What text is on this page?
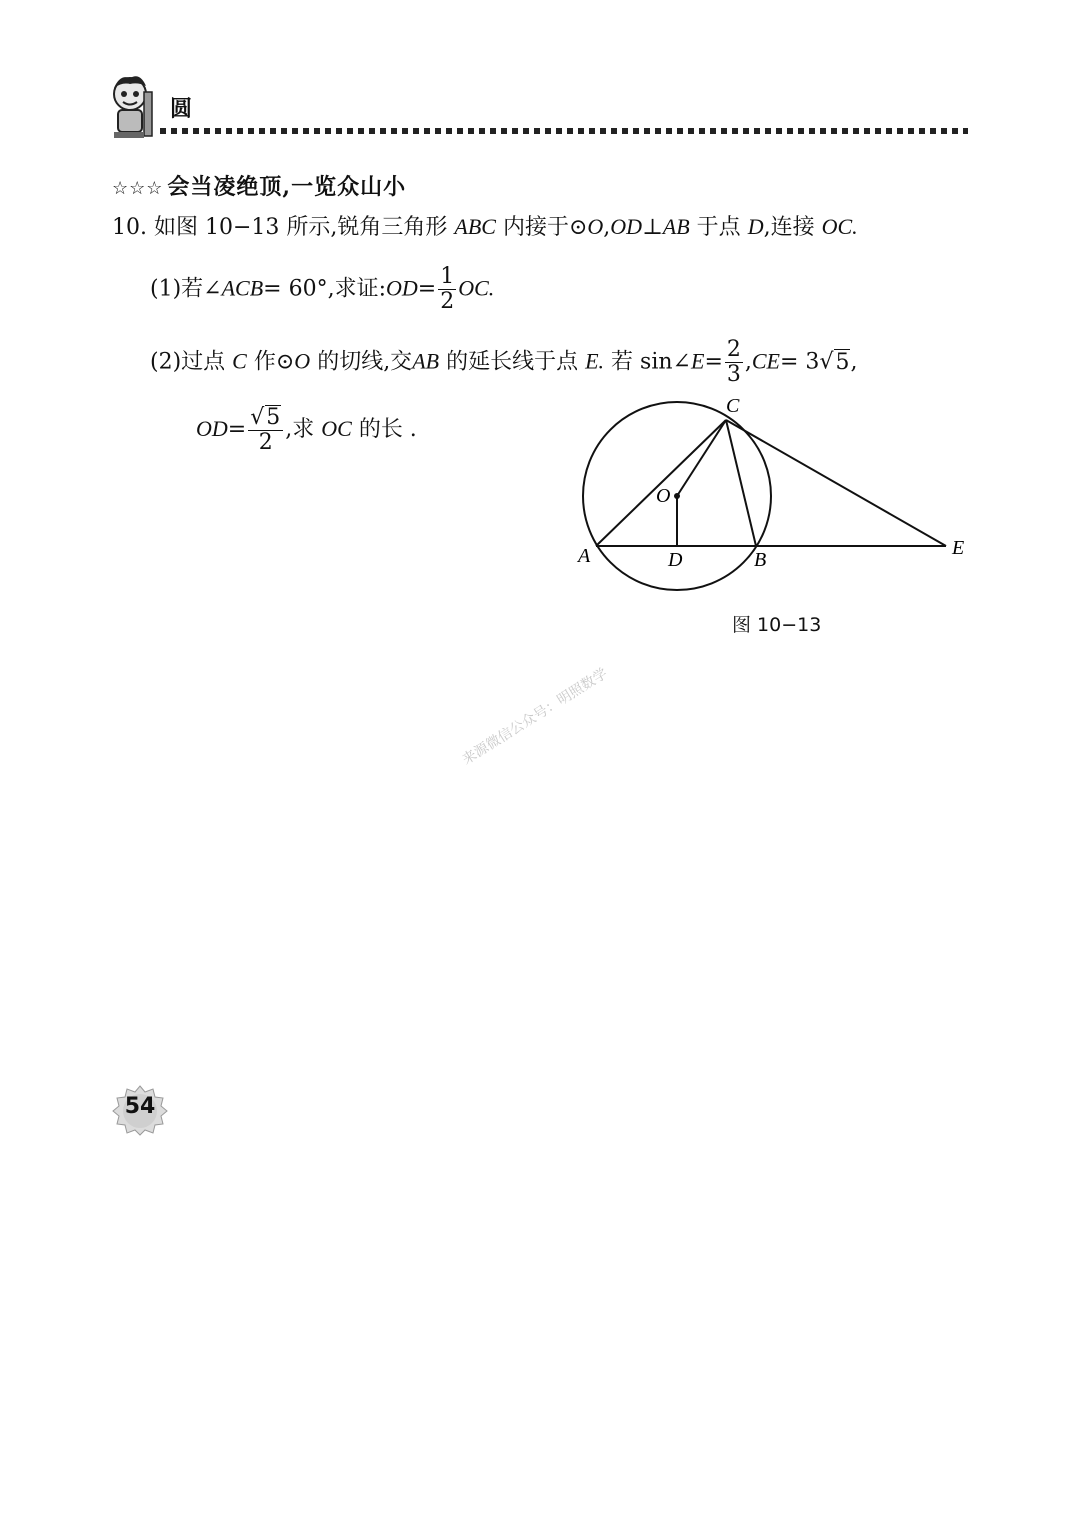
圆
☆☆☆ 会当凌绝顶,一览众山小
10. 如图 10−13 所示,锐角三角形 ABC 内接于⊙O,OD⊥AB 于点 D,连接 OC.
(1)若∠ACB= 60°,求证:OD= $\frac{1}{2}$ OC.
(2)过点 C 作⊙O 的切线,交AB 的延长线于点 E. 若 sin∠E= $\frac{2}{3} ,CE= 3√5$,
$OD= \frac{√5}{2}$ ,求 OC 的长 .
C
O
A	D	B
E
图 10−13
来源微信公众号：明照数学
54
